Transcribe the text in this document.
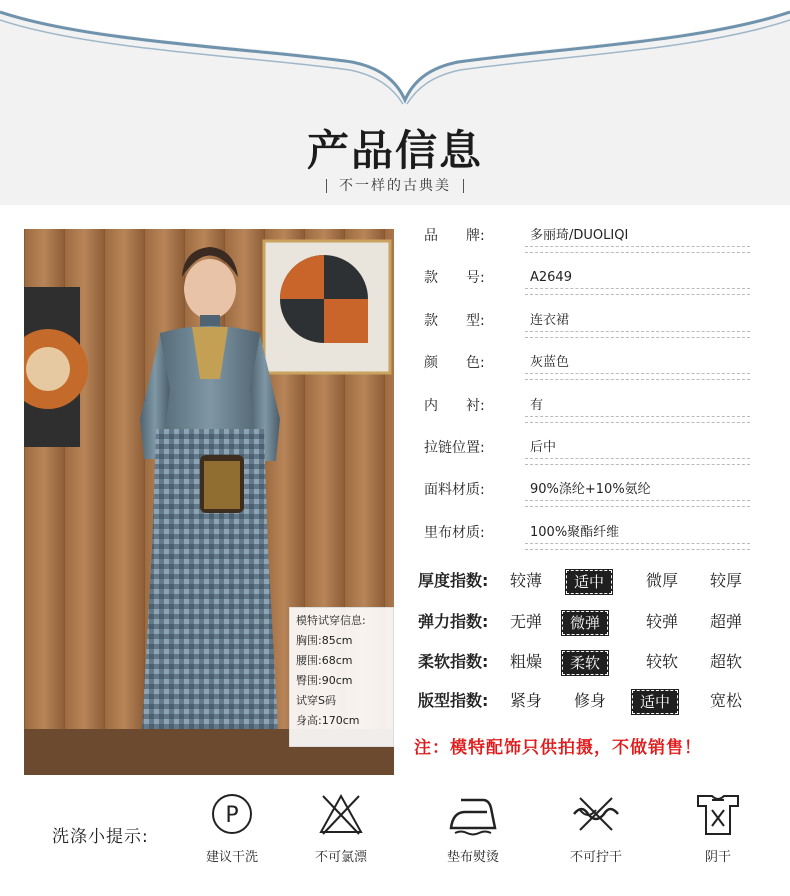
产品信息
不一样的古典美
模特试穿信息:
胸围:85cm
腰围:68cm
臀围:90cm
试穿S码
身高:170cm
品　　牌:	多丽琦/DUOLIQI
款　　号:	A2649
款　　型:	连衣裙
颜　　色:	灰蓝色
内　　衬:	有
拉链位置:	后中
面料材质:	90%涤纶+10%氨纶
里布材质:	100%聚酯纤维
厚度指数: 较薄	适中	微厚 较厚
弹力指数: 无弹	微弹	较弹 超弹
柔软指数: 粗燥	柔软	较软 超软
版型指数: 紧身 修身	适中	宽松
注：模特配饰只供拍摄，不做销售！
洗涤小提示:
P
建议干洗	不可氯漂	垫布熨烫	不可拧干	阴干
